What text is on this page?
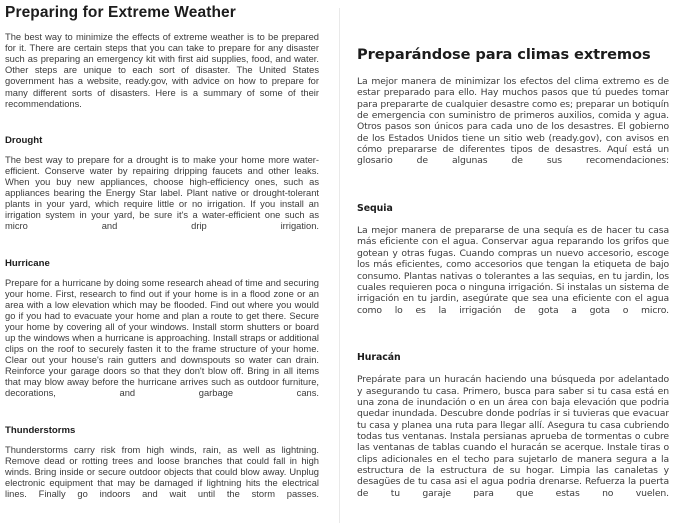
Preparing for Extreme Weather

The best way to minimize the effects of extreme weather is to be prepared for it. There are certain steps that you can take to prepare for any disaster such as preparing an emergency kit with first aid supplies, food, and water. Other steps are unique to each sort of disaster. The United States government has a website, ready.gov, with advice on how to prepare for many different sorts of disasters. Here is a summary of some of their recommendations.

Drought

The best way to prepare for a drought is to make your home more water-efficient. Conserve water by repairing dripping faucets and other leaks. When you buy new appliances, choose high-efficiency ones, such as appliances bearing the Energy Star label. Plant native or drought-tolerant plants in your yard, which require little or no irrigation. If you install an irrigation system in your yard, be sure it's a water-efficient one such as micro and drip irrigation.

Hurricane

Prepare for a hurricane by doing some research ahead of time and securing your home. First, research to find out if your home is in a flood zone or an area with a low elevation which may be flooded. Find out where you would go if you had to evacuate your home and plan a route to get there. Secure your home by covering all of your windows. Install storm shutters or board up the windows when a hurricane is approaching. Install straps or additional clips on the roof to securely fasten it to the frame structure of your home. Clear out your house's rain gutters and downspouts so water can drain. Reinforce your garage doors so that they don't blow off. Bring in all items that may blow away before the hurricane arrives such as outdoor furniture, decorations, and garbage cans.

Thunderstorms

Thunderstorms carry risk from high winds, rain, as well as lightning. Remove dead or rotting trees and loose branches that could fall in high winds. Bring inside or secure outdoor objects that could blow away. Unplug electronic equipment that may be damaged if lightning hits the electrical lines. Finally go indoors and wait until the storm passes.

Preparándose para climas extremos

La mejor manera de minimizar los efectos del clima extremo es de estar preparado para ello. Hay muchos pasos que tú puedes tomar para prepararte de cualquier desastre como es; preparar un botiquín de emergencia con suministro de primeros auxilios, comida y agua. Otros pasos son únicos para cada uno de los desastres. El gobierno de los Estados Unidos tiene un sitio web (ready.gov), con avisos en cómo prepararse de diferentes tipos de desastres. Aquí está un glosario de algunas de sus recomendaciones:

Sequia

La mejor manera de prepararse de una sequía es de hacer tu casa más eficiente con el agua. Conservar agua reparando los grifos que gotean y otras fugas. Cuando compras un nuevo accesorio, escoge los más eficientes, como accesorios que tengan la etiqueta de bajo consumo. Plantas nativas o tolerantes a las sequias, en tu jardin, los cuales requieren poca o ninguna irrigación. Si instalas un sistema de irrigación en tu jardin, asegúrate que sea una eficiente con el agua como lo es la irrigación de gota a gota o micro.

Huracán

Prepárate para un huracán haciendo una búsqueda por adelantado y asegurando tu casa. Primero, busca para saber si tu casa está en una zona de inundación o en un área con baja elevación que podria quedar inundada. Descubre donde podrías ir si tuvieras que evacuar tu casa y planea una ruta para llegar allí. Asegura tu casa cubriendo todas tus ventanas. Instala persianas aprueba de tormentas o cubre las ventanas de tablas cuando el huracán se acerque. Instale tiras o clips adicionales en el techo para sujetarlo de manera segura a la estructura de la estructura de su hogar. Limpia las canaletas y desagües de tu casa asi el agua podria drenarse. Refuerza la puerta de tu garaje para que estas no vuelen.
